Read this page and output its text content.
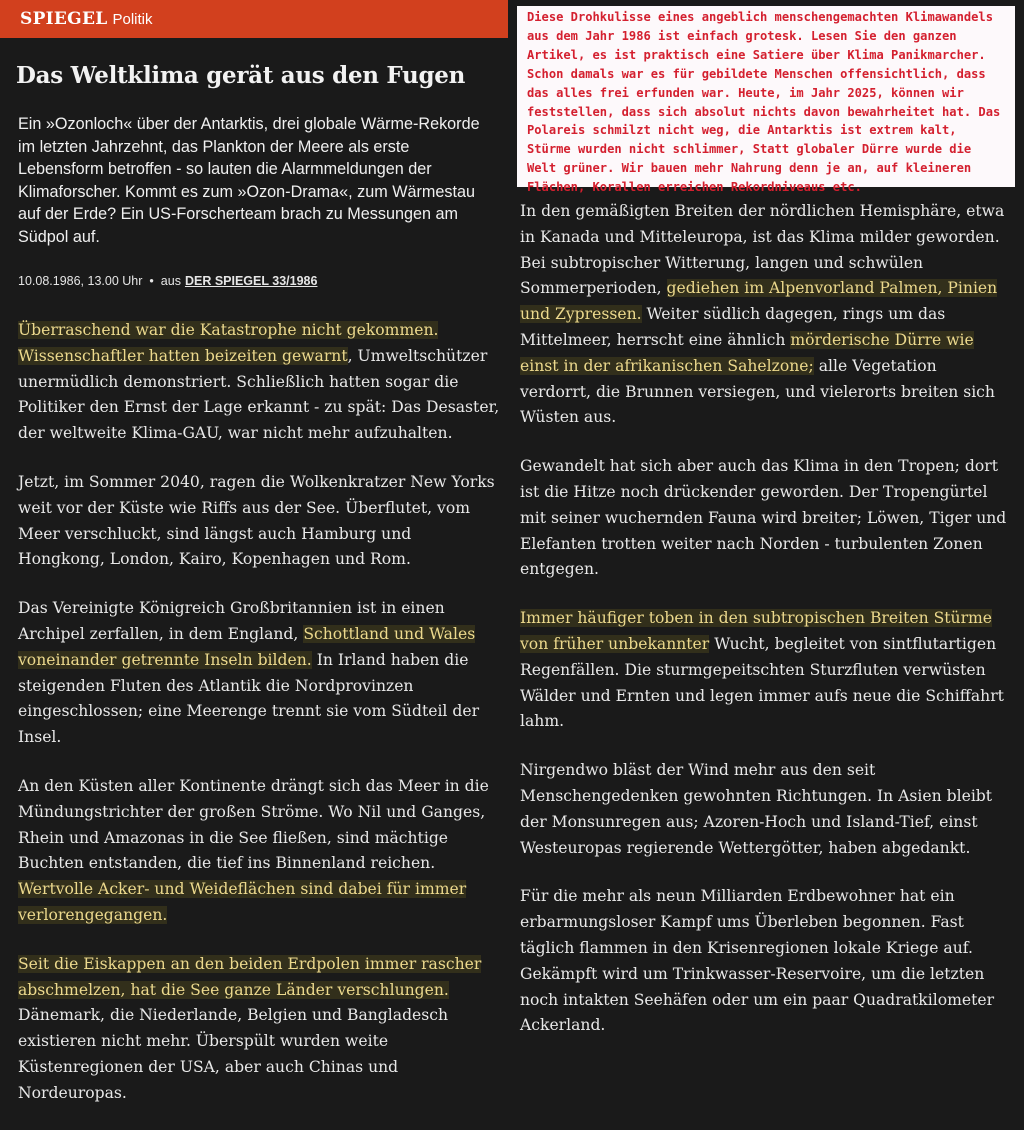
SPIEGEL Politik
Das Weltklima gerät aus den Fugen
Ein »Ozonloch« über der Antarktis, drei globale Wärme-Rekorde im letzten Jahrzehnt, das Plankton der Meere als erste Lebensform betroffen - so lauten die Alarmmeldungen der Klimaforscher. Kommt es zum »Ozon-Drama«, zum Wärmestau auf der Erde? Ein US-Forscherteam brach zu Messungen am Südpol auf.
10.08.1986, 13.00 Uhr • aus DER SPIEGEL 33/1986

Überraschend war die Katastrophe nicht gekommen. Wissenschaftler hatten beizeiten gewarnt, Umweltschützer unermüdlich demonstriert. Schließlich hatten sogar die Politiker den Ernst der Lage erkannt - zu spät: Das Desaster, der weltweite Klima-GAU, war nicht mehr aufzuhalten.

Jetzt, im Sommer 2040, ragen die Wolkenkratzer New Yorks weit vor der Küste wie Riffs aus der See. Überflutet, vom Meer verschluckt, sind längst auch Hamburg und Hongkong, London, Kairo, Kopenhagen und Rom.

Das Vereinigte Königreich Großbritannien ist in einen Archipel zerfallen, in dem England, Schottland und Wales voneinander getrennte Inseln bilden. In Irland haben die steigenden Fluten des Atlantik die Nordprovinzen eingeschlossen; eine Meerenge trennt sie vom Südteil der Insel.

An den Küsten aller Kontinente drängt sich das Meer in die Mündungstrichter der großen Ströme. Wo Nil und Ganges, Rhein und Amazonas in die See fließen, sind mächtige Buchten entstanden, die tief ins Binnenland reichen. Wertvolle Acker- und Weideflächen sind dabei für immer verlorengegangen.

Seit die Eiskappen an den beiden Erdpolen immer rascher abschmelzen, hat die See ganze Länder verschlungen. Dänemark, die Niederlande, Belgien und Bangladesch existieren nicht mehr. Überspült wurden weite Küstenregionen der USA, aber auch Chinas und Nordeuropas.

Diese Drohkulisse eines angeblich menschengemachten Klimawandels aus dem Jahr 1986 ist einfach grotesk. Lesen Sie den ganzen Artikel, es ist praktisch eine Satiere über Klima Panikmarcher.
Schon damals war es für gebildete Menschen offensichtlich, dass das alles frei erfunden war. Heute, im Jahr 2025, können wir feststellen, dass sich absolut nichts davon bewahrheitet hat. Das Polareis schmilzt nicht weg, die Antarktis ist extrem kalt, Stürme wurden nicht schlimmer, Statt globaler Dürre wurde die Welt grüner. Wir bauen mehr Nahrung denn je an, auf kleineren Flächen, Korallen erreichen Rekordniveaus etc.

In den gemäßigten Breiten der nördlichen Hemisphäre, etwa in Kanada und Mitteleuropa, ist das Klima milder geworden. Bei subtropischer Witterung, langen und schwülen Sommerperioden, gediehen im Alpenvorland Palmen, Pinien und Zypressen. Weiter südlich dagegen, rings um das Mittelmeer, herrscht eine ähnlich mörderische Dürre wie einst in der afrikanischen Sahelzone; alle Vegetation verdorrt, die Brunnen versiegen, und vielerorts breiten sich Wüsten aus.

Gewandelt hat sich aber auch das Klima in den Tropen; dort ist die Hitze noch drückender geworden. Der Tropengürtel mit seiner wuchernden Fauna wird breiter; Löwen, Tiger und Elefanten trotten weiter nach Norden - turbulenten Zonen entgegen.

Immer häufiger toben in den subtropischen Breiten Stürme von früher unbekannter Wucht, begleitet von sintflutartigen Regenfällen. Die sturmgepeitschten Sturzfluten verwüsten Wälder und Ernten und legen immer aufs neue die Schiffahrt lahm.

Nirgendwo bläst der Wind mehr aus den seit Menschengedenken gewohnten Richtungen. In Asien bleibt der Monsunregen aus; Azoren-Hoch und Island-Tief, einst Westeuropas regierende Wettergötter, haben abgedankt.

Für die mehr als neun Milliarden Erdbewohner hat ein erbarmungsloser Kampf ums Überleben begonnen. Fast täglich flammen in den Krisenregionen lokale Kriege auf. Gekämpft wird um Trinkwasser-Reservoire, um die letzten noch intakten Seehäfen oder um ein paar Quadratkilometer Ackerland.
